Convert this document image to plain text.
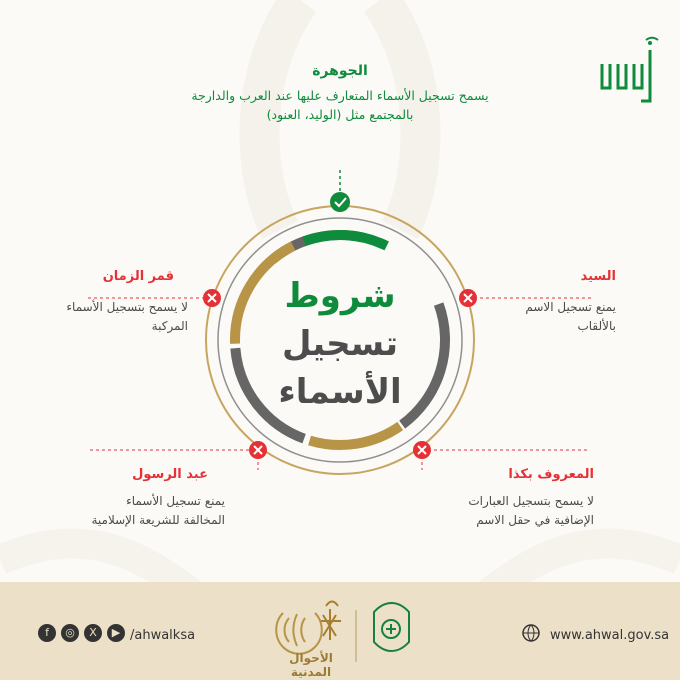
الجوهرة
يسمح تسجيل الأسماء المتعارف عليها عند العرب والدارجة بالمجتمع مثل (الوليد، العنود)
قمر الزمان
لا يسمح بتسجيل الأسماء المركبة
السيد
يمنع تسجيل الاسم بالألقاب
عبد الرسول
يمنع تسجيل الأسماء المخالفة للشريعة الإسلامية
المعروف بكذا
لا يسمح بتسجيل العبارات الإضافية في حقل الاسم
شروط
تسجيل
الأسماء
الأحوال المدنية
www.ahwal.gov.sa
/ahwalksa
f	◎	X	▶
